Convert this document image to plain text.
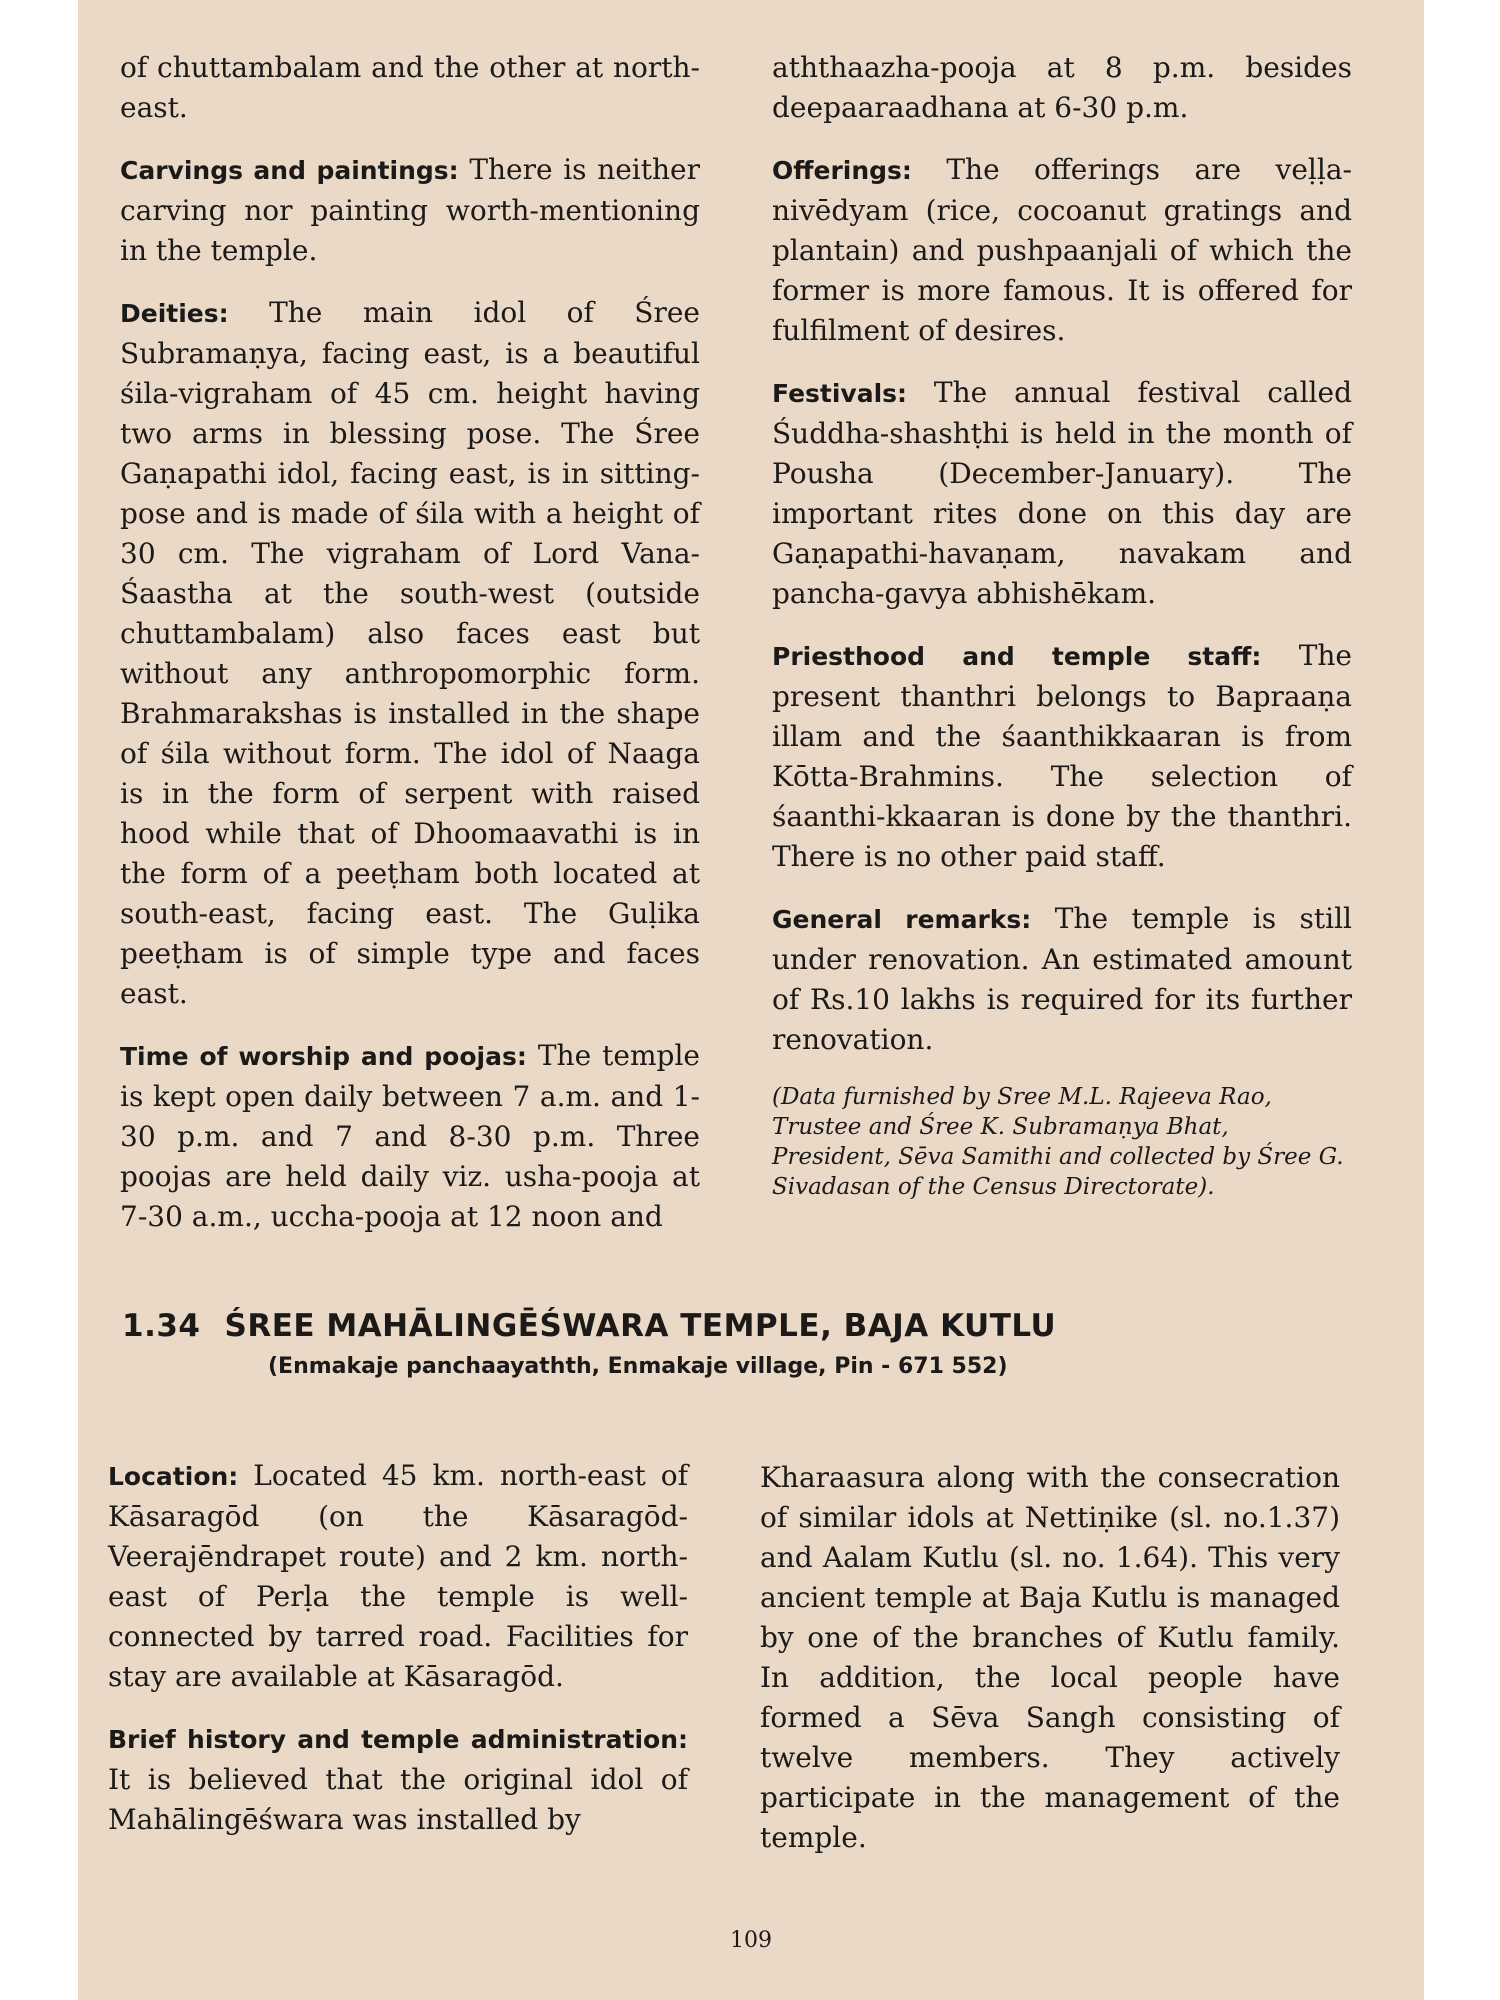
of chuttambalam and the other at north-east.

Carvings and paintings: There is neither carving nor painting worth-mentioning in the temple.

Deities: The main idol of Śree Subramaṇya, facing east, is a beautiful śila-vigraham of 45 cm. height having two arms in blessing pose. The Śree Gaṇapathi idol, facing east, is in sitting-pose and is made of śila with a height of 30 cm. The vigraham of Lord Vana-Śaastha at the south-west (outside chuttambalam) also faces east but without any anthropomorphic form. Brahmarakshas is installed in the shape of śila without form. The idol of Naaga is in the form of serpent with raised hood while that of Dhoomaavathi is in the form of a peeṭham both located at south-east, facing east. The Guḷika peeṭham is of simple type and faces east.

Time of worship and poojas: The temple is kept open daily between 7 a.m. and 1-30 p.m. and 7 and 8-30 p.m. Three poojas are held daily viz. usha-pooja at 7-30 a.m., uccha-pooja at 12 noon and

aththaazha-pooja at 8 p.m. besides deepaaraadhana at 6-30 p.m.

Offerings: The offerings are veḷḷa-nivēdyam (rice, cocoanut gratings and plantain) and pushpaanjali of which the former is more famous. It is offered for fulfilment of desires.

Festivals: The annual festival called Śuddha-shashṭhi is held in the month of Pousha (December-January). The important rites done on this day are Gaṇapathi-havaṇam, navakam and pancha-gavya abhishēkam.

Priesthood and temple staff: The present thanthri belongs to Bapraaṇa illam and the śaanthikkaaran is from Kōtta-Brahmins. The selection of śaanthi-kkaaran is done by the thanthri. There is no other paid staff.

General remarks: The temple is still under renovation. An estimated amount of Rs.10 lakhs is required for its further renovation.

(Data furnished by Sree M.L. Rajeeva Rao, Trustee and Śree K. Subramaṇya Bhat, President, Sēva Samithi and collected by Śree G. Sivadasan of the Census Directorate).

1.34 ŚREE MAHĀLINGĒŚWARA TEMPLE, BAJA KUTLU
(Enmakaje panchaayathth, Enmakaje village, Pin - 671 552)

Location: Located 45 km. north-east of Kāsaragōd (on the Kāsaragōd-Veerajēndrapet route) and 2 km. north-east of Perḷa the temple is well-connected by tarred road. Facilities for stay are available at Kāsaragōd.

Brief history and temple administration: It is believed that the original idol of Mahālingēśwara was installed by

Kharaasura along with the consecration of similar idols at Nettiṇike (sl. no.1.37) and Aalam Kutlu (sl. no. 1.64). This very ancient temple at Baja Kutlu is managed by one of the branches of Kutlu family. In addition, the local people have formed a Sēva Sangh consisting of twelve members. They actively participate in the management of the temple.

109
